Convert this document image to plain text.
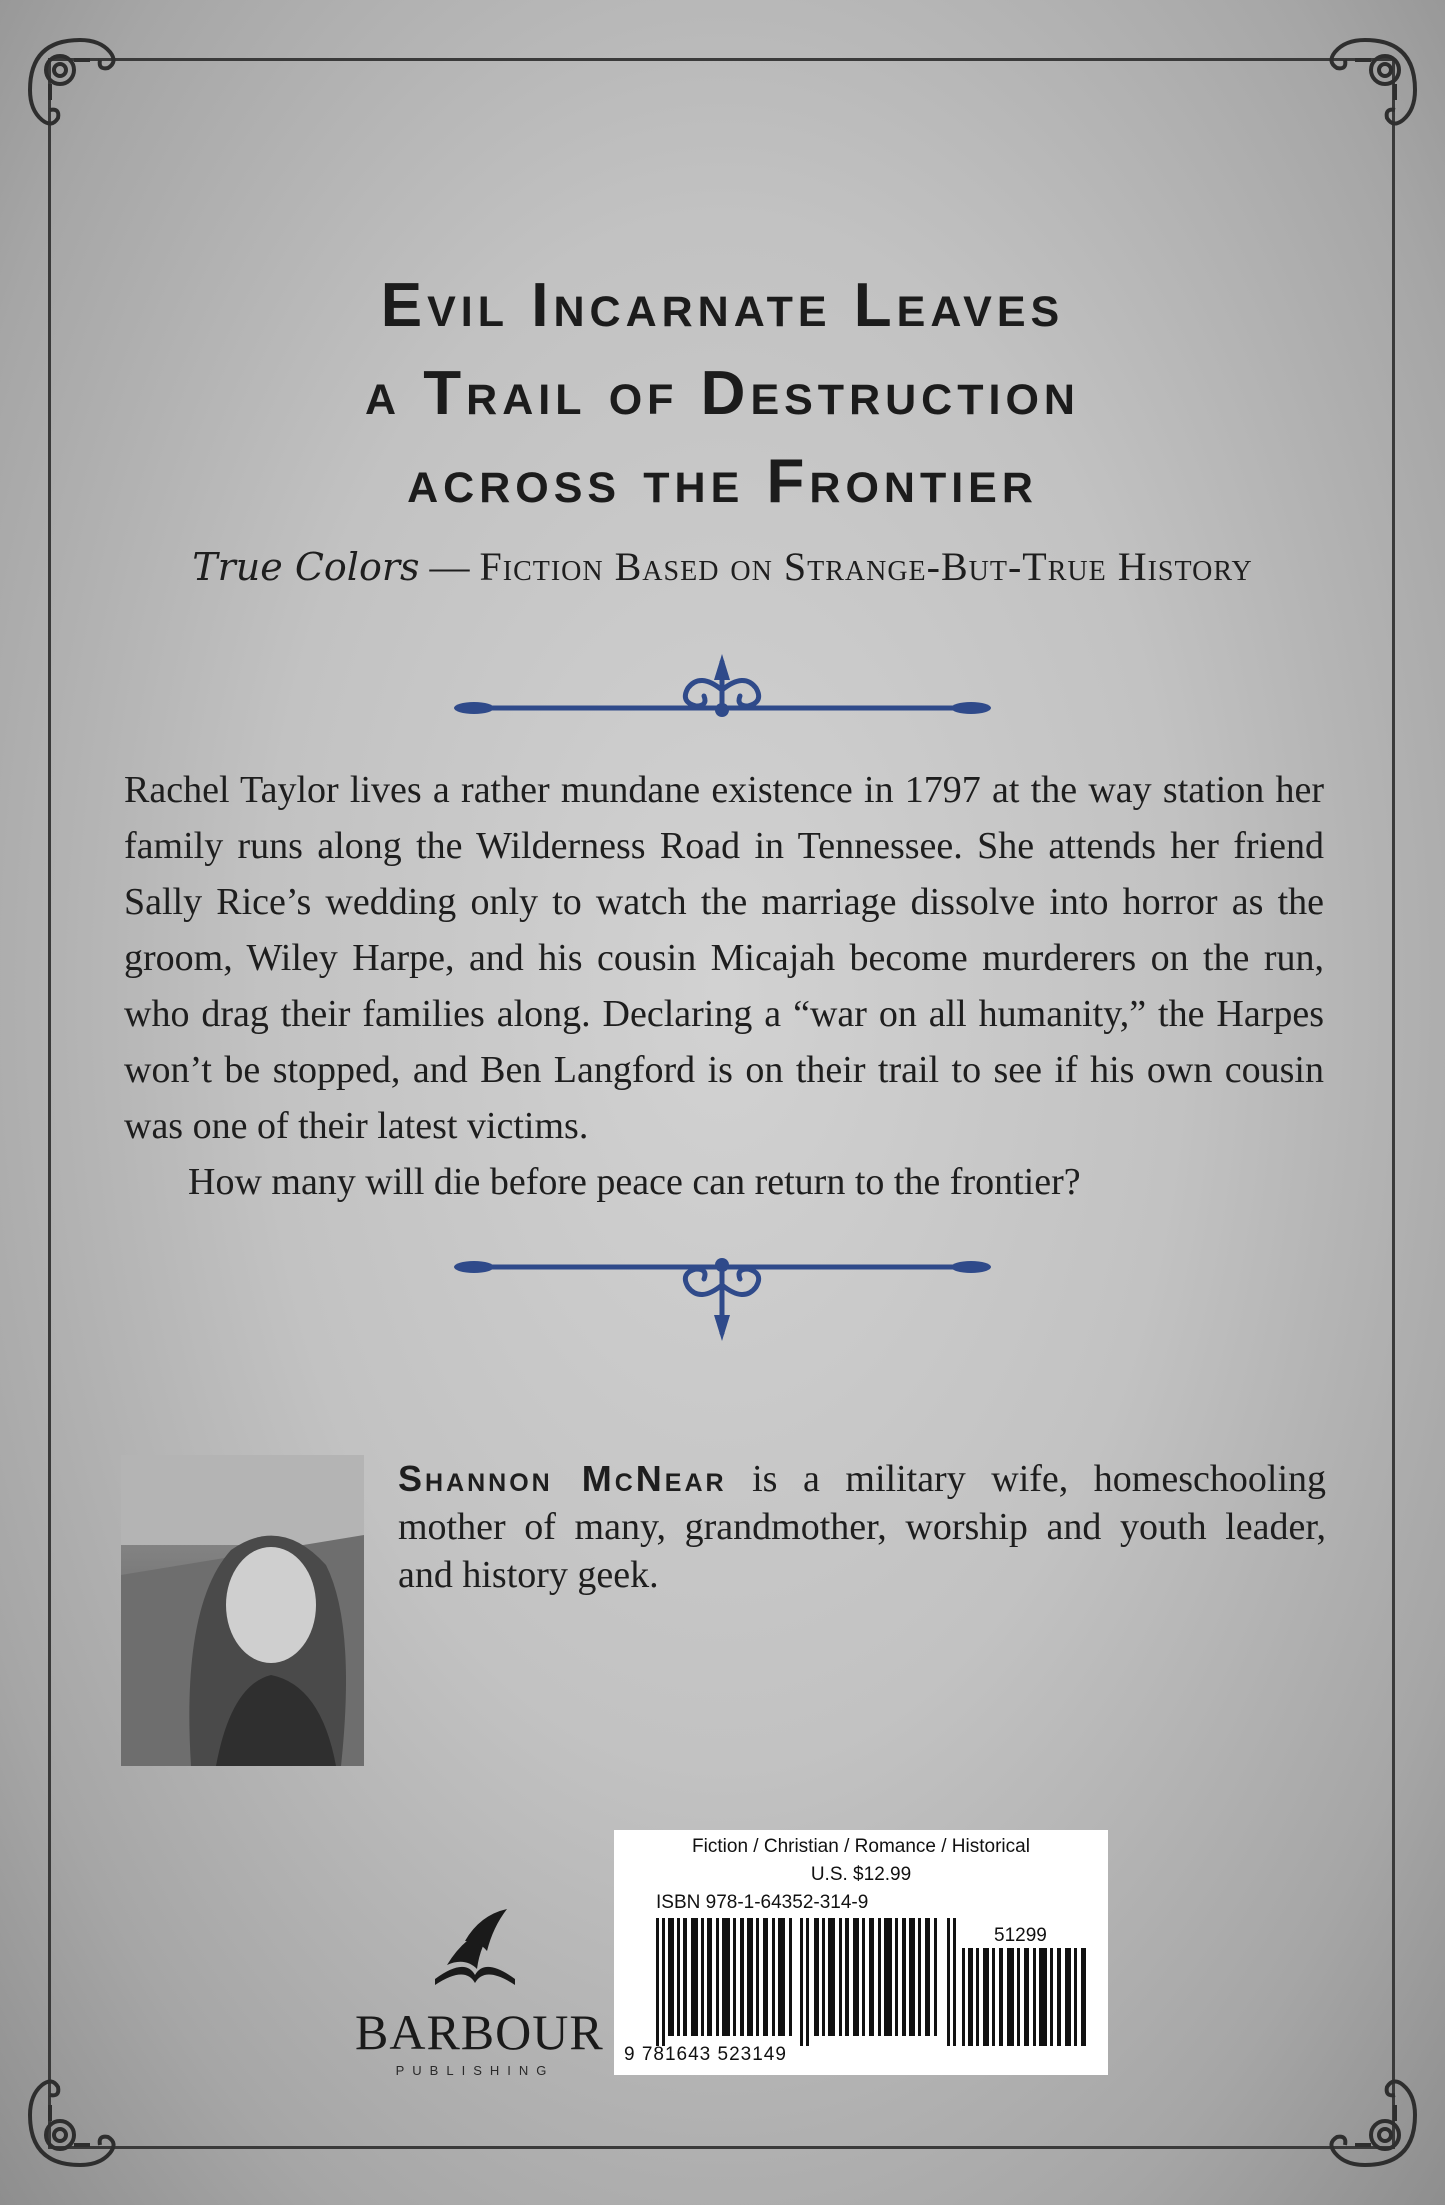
Evil Incarnate Leaves
a Trail of Destruction
across the Frontier
True Colors — Fiction Based on Strange-But-True History

Rachel Taylor lives a rather mundane existence in 1797 at the way station her family runs along the Wilderness Road in Tennessee. She attends her friend Sally Rice’s wedding only to watch the marriage dissolve into horror as the groom, Wiley Harpe, and his cousin Micajah become murderers on the run, who drag their families along. Declaring a “war on all humanity,” the Harpes won’t be stopped, and Ben Langford is on their trail to see if his own cousin was one of their latest victims.

How many will die before peace can return to the frontier?

Shannon McNear is a military wife, homeschooling mother of many, grandmother, worship and youth leader, and history geek.
BARBOUR
PUBLISHING
Fiction / Christian / Romance / Historical
U.S. $12.99
ISBN 978-1-64352-314-9
51299
9 781643 523149
